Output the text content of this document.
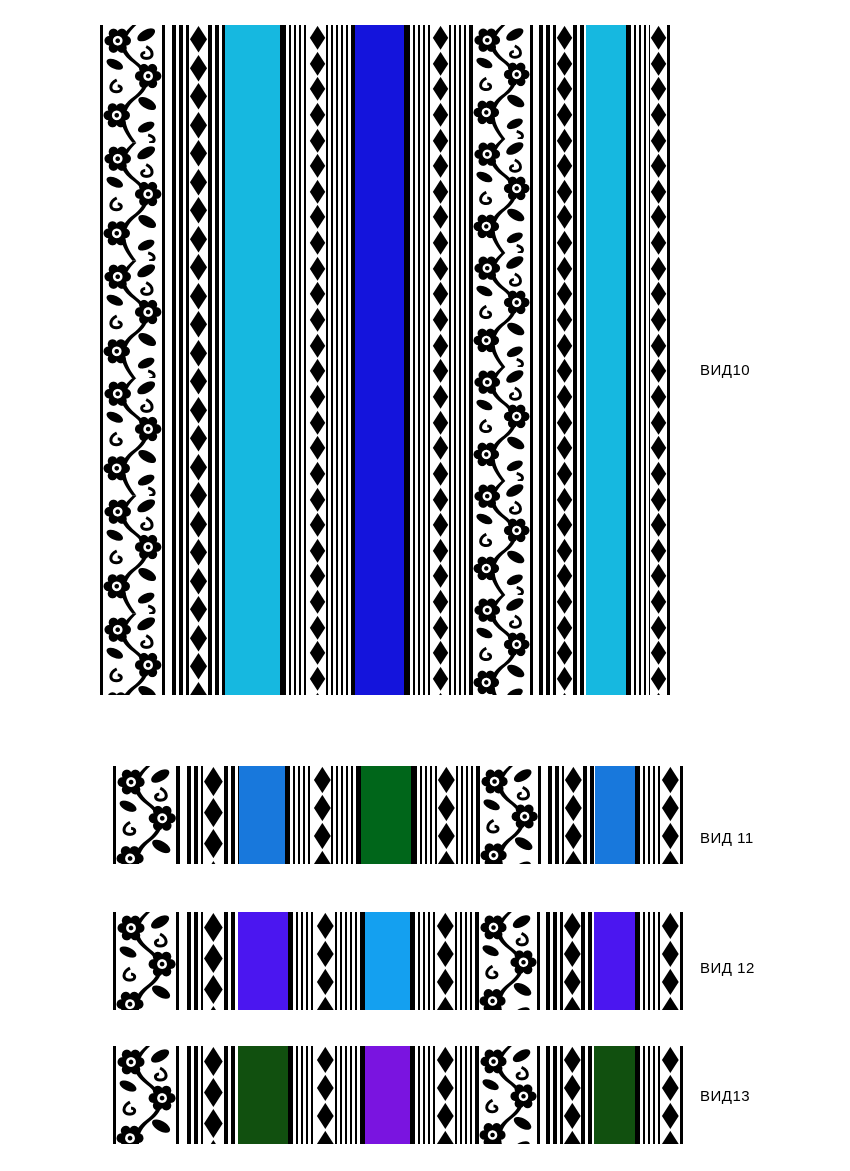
ВИД10
ВИД 11
ВИД 12
ВИД13
